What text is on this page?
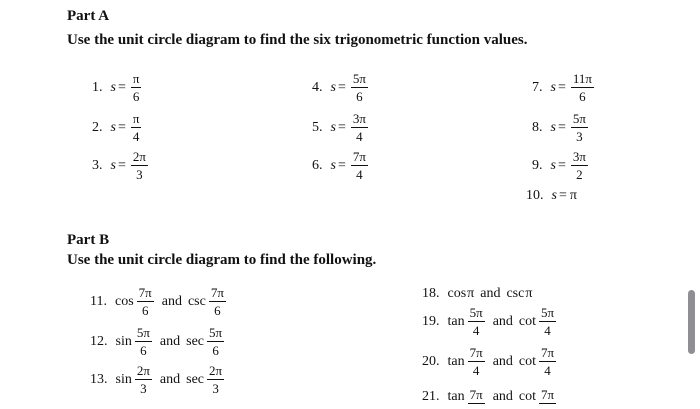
Part A
Use the unit circle diagram to find the six trigonometric function values.
1. $s = \frac{\pi}{6}$
2. $s = \frac{\pi}{4}$
3. $s = \frac{2\pi}{3}$
4. $s = \frac{5\pi}{6}$
5. $s = \frac{3\pi}{4}$
6. $s = \frac{7\pi}{4}$
7. $s = \frac{11\pi}{6}$
8. $s = \frac{5\pi}{3}$
9. $s = \frac{3\pi}{2}$
10. s = π
Part B
Use the unit circle diagram to find the following.
11. $\cos \frac{7\pi}{6}$ and $\csc \frac{7\pi}{6}$
12. $\sin \frac{5\pi}{6}$ and $\sec \frac{5\pi}{6}$
13. $\sin \frac{2\pi}{3}$ and $\sec \frac{2\pi}{3}$
18. cos π and csc π
19. $\tan \frac{5\pi}{4}$ and $\cot \frac{5\pi}{4}$
20. $\tan \frac{7\pi}{4}$ and $\cot \frac{7\pi}{4}$
21. tan 7π and cot 7π
